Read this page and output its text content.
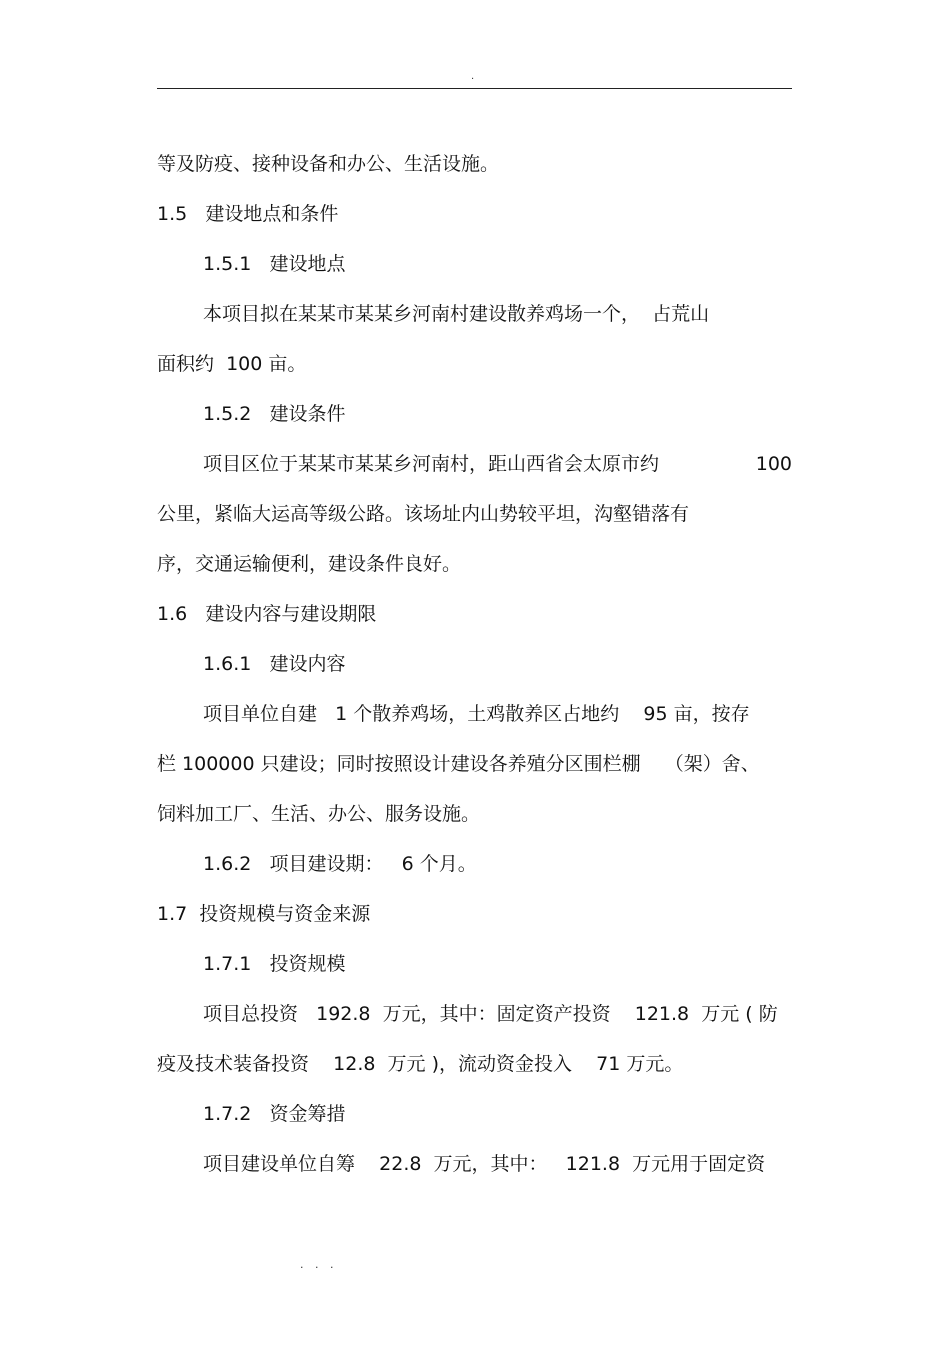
.

等及防疫、接种设备和办公、生活设施。

1.5   建设地点和条件

1.5.1   建设地点

本项目拟在某某市某某乡河南村建设散养鸡场一个，  占荒山

面积约  100 亩。

1.5.2   建设条件

项目区位于某某市某某乡河南村，距山西省会太原市约	100

公里，紧临大运高等级公路。该场址内山势较平坦，沟壑错落有

序，交通运输便利，建设条件良好。

1.6   建设内容与建设期限

1.6.1   建设内容

项目单位自建   1 个散养鸡场，土鸡散养区占地约    95 亩，按存

栏 100000 只建设；同时按照设计建设各养殖分区围栏棚    （架）舍、

饲料加工厂、生活、办公、服务设施。

1.6.2   项目建设期：   6 个月。

1.7  投资规模与资金来源

1.7.1   投资规模

项目总投资   192.8  万元，其中：固定资产投资    121.8  万元 ( 防

疫及技术装备投资    12.8  万元 )，流动资金投入    71 万元。

1.7.2   资金筹措

项目建设单位自筹    22.8  万元，其中：   121.8  万元用于固定资

. . .
